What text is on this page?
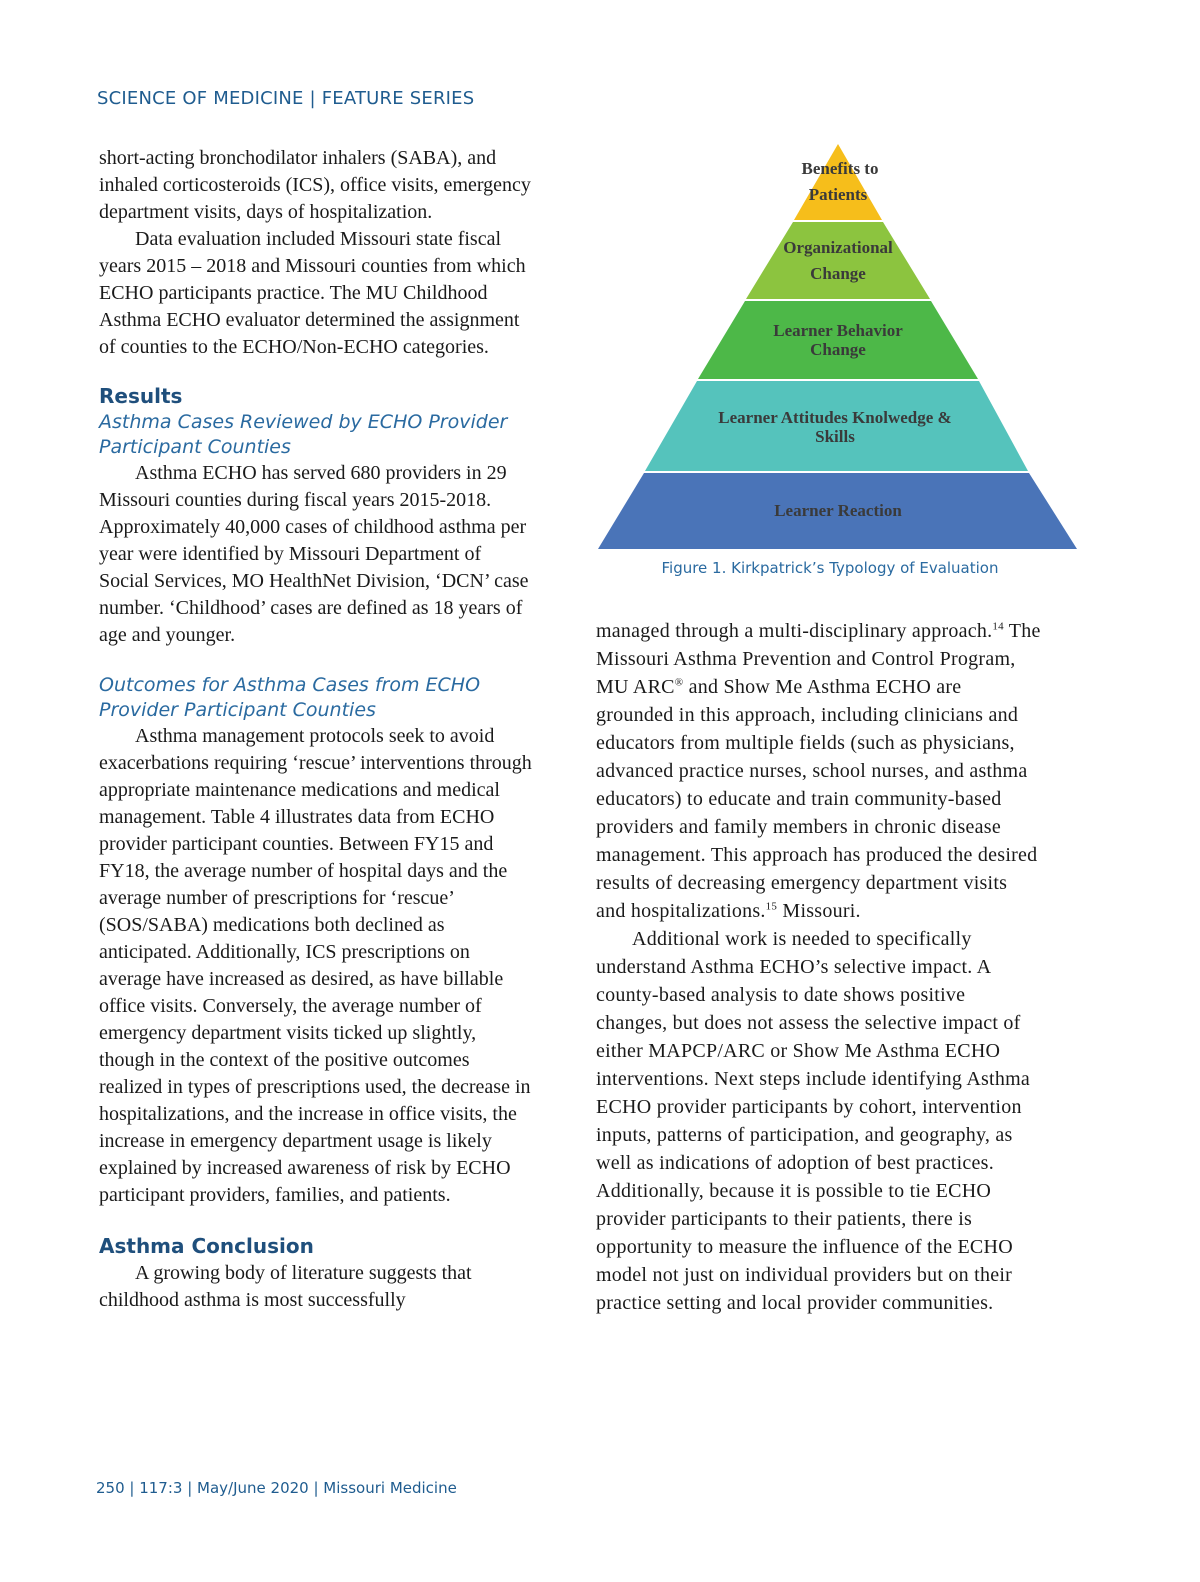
SCIENCE OF MEDICINE | FEATURE SERIES

short-acting bronchodilator inhalers (SABA), and inhaled corticosteroids (ICS), office visits, emergency department visits, days of hospitalization.

Data evaluation included Missouri state fiscal years 2015 – 2018 and Missouri counties from which ECHO participants practice. The MU Childhood Asthma ECHO evaluator determined the assignment of counties to the ECHO/Non-ECHO categories.

Results
Asthma Cases Reviewed by ECHO Provider Participant Counties

Asthma ECHO has served 680 providers in 29 Missouri counties during fiscal years 2015-2018. Approximately 40,000 cases of childhood asthma per year were identified by Missouri Department of Social Services, MO HealthNet Division, ‘DCN’ case number. ‘Childhood’ cases are defined as 18 years of age and younger.

Outcomes for Asthma Cases from ECHO Provider Participant Counties

Asthma management protocols seek to avoid exacerbations requiring ‘rescue’ interventions through appropriate maintenance medications and medical management. Table 4 illustrates data from ECHO provider participant counties. Between FY15 and FY18, the average number of hospital days and the average number of prescriptions for ‘rescue’ (SOS/SABA) medications both declined as anticipated. Additionally, ICS prescriptions on average have increased as desired, as have billable office visits. Conversely, the average number of emergency department visits ticked up slightly, though in the context of the positive outcomes realized in types of prescriptions used, the decrease in hospitalizations, and the increase in office visits, the increase in emergency department usage is likely explained by increased awareness of risk by ECHO participant providers, families, and patients.

Asthma Conclusion

A growing body of literature suggests that childhood asthma is most successfully

Benefits to
Patients
Organizational
Change
Learner Behavior
Change
Learner Attitudes Knolwedge &
Skills
Learner Reaction

Figure 1. Kirkpatrick’s Typology of Evaluation

managed through a multi-disciplinary approach.$^{14}$ The Missouri Asthma Prevention and Control Program, MU ARC® and Show Me Asthma ECHO are grounded in this approach, including clinicians and educators from multiple fields (such as physicians, advanced practice nurses, school nurses, and asthma educators) to educate and train community-based providers and family members in chronic disease management. This approach has produced the desired results of decreasing emergency department visits and hospitalizations.$^{15}$ Missouri.

Additional work is needed to specifically understand Asthma ECHO’s selective impact. A county-based analysis to date shows positive changes, but does not assess the selective impact of either MAPCP/ARC or Show Me Asthma ECHO interventions. Next steps include identifying Asthma ECHO provider participants by cohort, intervention inputs, patterns of participation, and geography, as well as indications of adoption of best practices. Additionally, because it is possible to tie ECHO provider participants to their patients, there is opportunity to measure the influence of the ECHO model not just on individual providers but on their practice setting and local provider communities.

250 | 117:3 | May/June 2020 | Missouri Medicine
